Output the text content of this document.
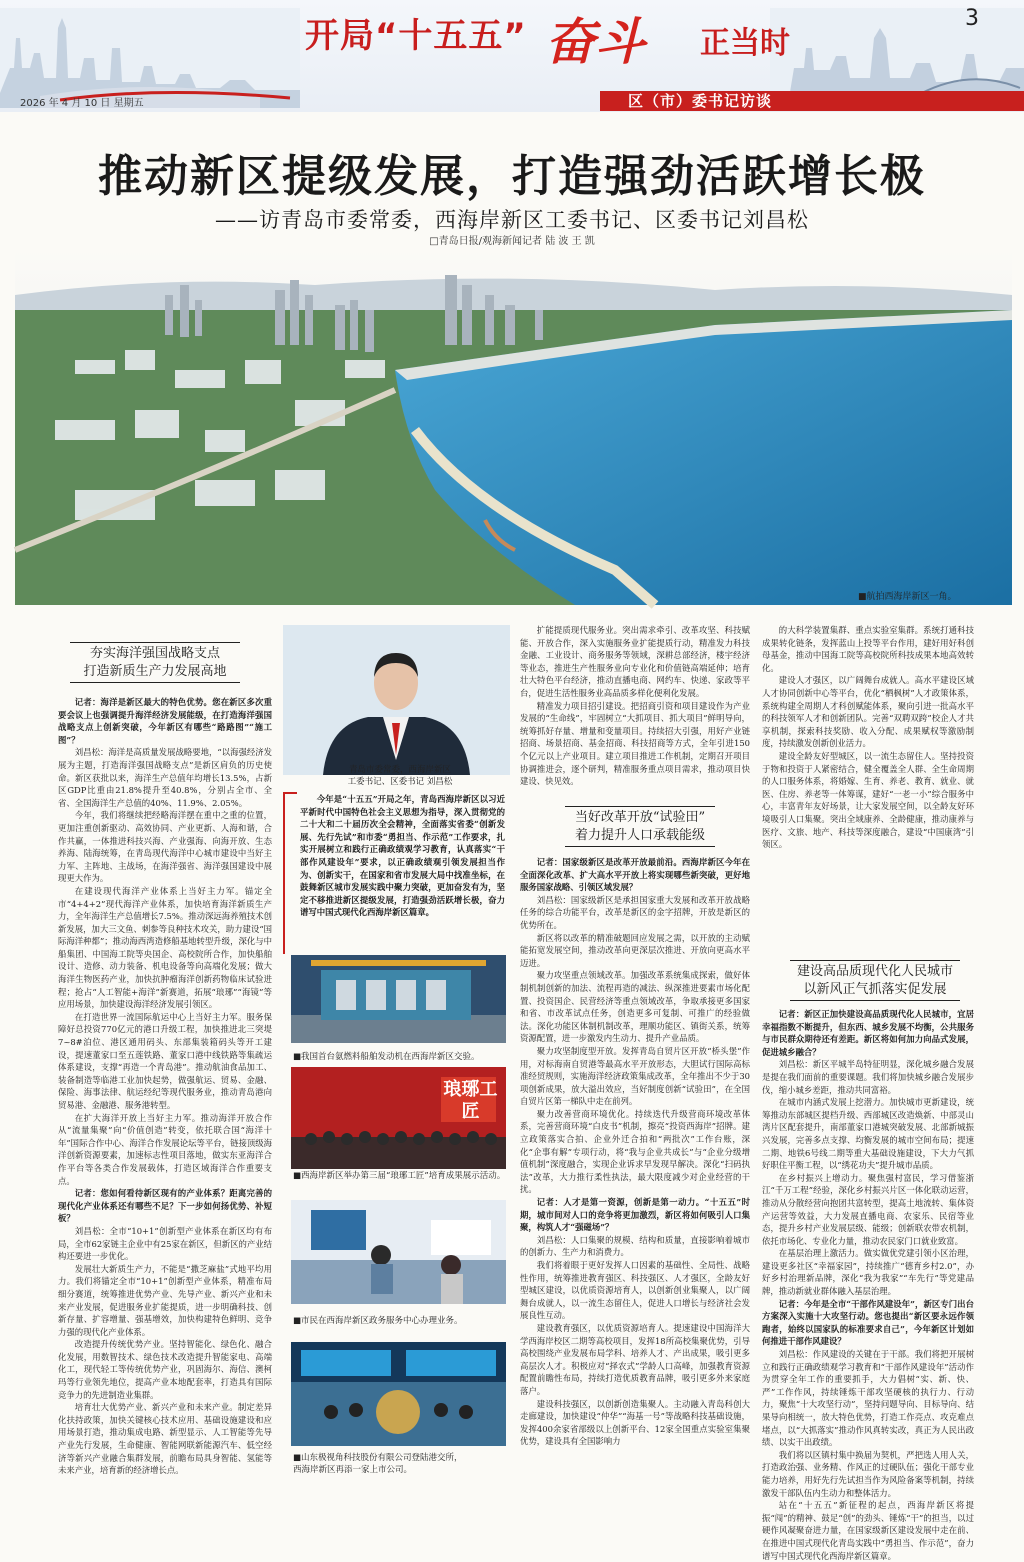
开局“十五五” 奋斗 正当时
3
2026 年 4 月 10 日 星期五	区（市）委书记访谈
推动新区提级发展，打造强劲活跃增长极
——访青岛市委常委，西海岸新区工委书记、区委书记刘昌松
□青岛日报/观海新闻记者 陆 波 王 凯
■航拍西海岸新区一角。
夯实海洋强国战略支点
打造新质生产力发展高地
当好改革开放“试验田”
着力提升人口承载能级
建设高品质现代化人民城市
以新风正气抓落实促发展

记者：海洋是新区最大的特色优势。您在新区多次重要会议上也强调提升海洋经济发展能级，在打造海洋强国战略支点上创新突破，今年新区有哪些“路路图”“施工图”？

刘昌松：海洋是高质量发展战略要地，“以海强经济发展为主题，打造海洋强国战略支点”是新区肩负的历史使命。新区获批以来，海洋生产总值年均增长13.5%，占新区GDP比重由21.8%提升至40.8%，分别占全市、全省、全国海洋生产总值的40%、11.9%、2.05%。

今年，我们将继续把经略海洋摆在重中之重的位置，更加注重创新驱动、高效协同、产业更新、人海和谐，合作共赢，一体推进科技兴海、产业强海、向海开放、生态养海、陆海统筹，在青岛现代海洋中心城市建设中当好主力军、主阵地、主战场，在海洋强省、海洋强国建设中展现更大作为。

在建设现代海洋产业体系上当好主力军。锚定全市“4+4+2”现代海洋产业体系，加快培育海洋新质生产力，全年海洋生产总值增长7.5%。推动深远海养殖技术创新发展，加大三文鱼、刺参等良种技术攻关，助力建设“国际海洋种都”；推动海西湾造修船基地转型升级，深化与中船集团、中国海工院等央国企、高校院所合作，加快船舶设计、造修、动力装备、机电设备等向高端化发展；做大海洋生物医药产业，加快抗肿瘤海洋创新药物临床试验进程；抢占“人工智能+海洋”新赛道，拓展“琅琊”“海镜”等应用场景，加快建设海洋经济发展引领区。

在打造世界一流国际航运中心上当好主力军。服务保障好总投资770亿元的港口升级工程，加快推进北三突堤7~8#泊位、港区通用码头、东部集装箱码头等开工建设，提速董家口至五莲铁路、董家口港中线铁路等集疏运体系建设，支撑“再造一个青岛港”。推动航油食品加工、装备制造等临港工业加快起势，做强航运、贸易、金融、保险、海事法律、航运经纪等现代服务业，推动青岛港向贸易港、金融港、服务港转型。

在扩大海洋开放上当好主力军。推动海洋开放合作从“流量集聚”向“价值创造”转变，依托联合国“海洋十年”国际合作中心、海洋合作发展论坛等平台，链接顶级海洋创新资源要素，加速标志性项目落地，做实东亚海洋合作平台等各类合作发展载体，打造区域海洋合作重要支点。

记者：您如何看待新区现有的产业体系？距离完善的现代化产业体系还有哪些不足？下一步如何扬优势、补短板？

刘昌松：全市“10+1”创新型产业体系在新区均有布局，全市62家链主企业中有25家在新区，但新区的产业结构还要进一步优化。

发展壮大新质生产力，不能是“撒芝麻盐”式地平均用力。我们将锚定全市“10+1”创新型产业体系，精准布局细分赛道，统筹推进优势产业、先导产业、新兴产业和未来产业发展，促进服务业扩能提质，进一步明确科技、创新存量、扩容增量、强基增效，加快构建特色鲜明、竞争力强的现代化产业体系。

改造提升传统优势产业。坚持智能化、绿色化、融合化发展，用数智技术、绿色技术改造提升智能家电、高端化工，现代轻工等传统优势产业，巩固海尔、海信、澳柯玛等行业领先地位，提高产业本地配套率，打造具有国际竞争力的先进制造业集群。

培育壮大优势产业、新兴产业和未来产业。制定差异化扶持政策，加快关键核心技术应用、基础设施建设和应用场景打造，推动集成电路、新型显示、人工智能等先导产业先行发展，生命健康、智能网联新能源汽车、低空经济等新兴产业融合集群发展，前瞻布局具身智能、氢能等未来产业，培育新的经济增长点。

青岛市委常委，西海岸新区
工委书记、区委书记 刘昌松

今年是“十五五”开局之年，青岛西海岸新区以习近平新时代中国特色社会主义思想为指导，深入贯彻党的二十大和二十届历次全会精神，全面落实省委“创新发展、先行先试”和市委“勇担当、作示范”工作要求，扎实开展树立和践行正确政绩观学习教育，认真落实“干部作风建设年”要求，以正确政绩观引领发展担当作为、创新实干，在国家和省市发展大局中找准坐标，在鼓舞新区城市发展实践中聚力突破，更加奋发有为，坚定不移推进新区提级发展，打造强劲活跃增长极，奋力谱写中国式现代化西海岸新区篇章。

■我国首台氨燃料船舶发动机在西海岸新区交验。
琅琊工匠
■西海岸新区举办第三届“琅琊工匠”培育成果展示活动。
■市民在西海岸新区政务服务中心办理业务。
■山东极视角科技股份有限公司登陆港交所，
西海岸新区再添一家上市公司。

扩能提质现代服务业。突出需求牵引、改革攻坚、科技赋能、开放合作，深入实施服务业扩能提质行动，精准发力科技金融、工业设计、商务服务等领域，深耕总部经济，楼宇经济等业态，推进生产性服务业向专业化和价值链高端延伸；培育壮大特色平台经济，推动直播电商、网约车、快递、家政等平台，促进生活性服务业高品质多样化便利化发展。

精准发力项目招引建设。把招商引资和项目建设作为产业发展的“生命线”，牢固树立“大抓项目、抓大项目”鲜明导向，统筹抓好存量、增量和变量项目。持续招大引强，用好产业链招商、场景招商、基金招商、科技招商等方式，全年引进150个亿元以上产业项目。建立项目推进工作机制，定期召开项目协调推进会，逐个研判，精准服务重点项目需求，推动项目快建设、快见效。

记者：国家级新区是改革开放最前沿。西海岸新区今年在全面深化改革、扩大高水平开放上将实现哪些新突破，更好地服务国家战略、引领区域发展？

刘昌松：国家级新区是承担国家重大发展和改革开放战略任务的综合功能平台，改革是新区的金字招牌，开放是新区的优势所在。

新区将以改革的精准破题回应发展之需，以开放的主动赋能拓宽发展空间，推动改革向更深层次推进、开放向更高水平迈进。

聚力攻坚重点领域改革。加强改革系统集成探索，做好体制机制创新的加法、流程再造的减法、纵深推进要素市场化配置、投资国企、民营经济等重点领域改革，争取承接更多国家和省、市改革试点任务，创造更多可复制、可推广的经验做法。深化功能区体制机制改革，理顺功能区、镇街关系，统筹资源配置，进一步激发内生动力、提升产业品质。

聚力攻坚制度型开放。发挥青岛自贸片区开放“桥头堡”作用，对标海南自贸港等最高水平开放形态，大胆试行国际高标准经贸规则，实施海洋经济政策集成改革，全年推出不少于30项创新成果，放大溢出效应，当好制度创新“试验田”，在全国自贸片区第一梯队中走在前列。

聚力改善营商环境优化。持续迭代升级营商环境改革体系，完善营商环境“白皮书”机制，擦亮“投资西海岸”招牌。建立政策落实合拍、企业外迁合拍和“两批次”工作台账，深化“企事有解”专项行动，将“我与企业共成长”与“企业分级增值机制”深度融合，实现企业诉求早发现早解决。深化“扫码执法”改革，大力推行柔性执法，最大限度减少对企业经营的干扰。

记者：人才是第一资源，创新是第一动力。“十五五”时期，城市间对人口的竞争将更加激烈，新区将如何吸引人口集聚，构筑人才“强磁场”？

刘昌松：人口集聚的规模、结构和质量，直接影响着城市的创新力、生产力和消费力。

我们将着眼于更好发挥人口因素的基础性、全局性、战略性作用，统筹推进教育强区、科技强区、人才强区，全龄友好型城区建设，以优质资源培育人，以创新创业集聚人，以广阔舞台成就人，以一流生态留住人，促进人口增长与经济社会发展良性互动。

建设教育强区，以优质资源培育人。提速建设中国海洋大学西海岸校区二期等高校项目，发挥18所高校集聚优势，引导高校围绕产业发展布局学科、培养人才、产出成果，吸引更多高层次人才。积极应对“择农式”学龄人口高峰，加强教育资源配置前瞻性布局，持续打造优质教育品牌，吸引更多外来家庭落户。

建设科技强区，以创新创造集聚人。主动融入青岛科创大走廊建设，加快建设“仲华”“海基一号”等战略科技基础设施，发挥400余家省部级以上创新平台、12家全国重点实验室集聚优势，建设具有全国影响力

的大科学装置集群、重点实验室集群。系统打通科技成果转化链条，发挥蓝山上投等平台作用，建好用好科创母基金，推动中国海工院等高校院所科技成果本地高效转化。

建设人才强区，以广阔舞台成就人。高水平建设区域人才协同创新中心等平台，优化“栖枫树”人才政策体系，系统构建全周期人才科创赋能体系，聚向引进一批高水平的科技领军人才和创新团队。完善“双聘双跨”校企人才共享机制，探索科技奖励、收入分配、成果赋权等激励制度，持续激发创新创业活力。

建设全龄友好型城区，以一流生态留住人。坚持投资于物和投资于人紧密结合，健全覆盖全人群、全生命周期的人口服务体系，将婚嫁、生育、养老、教育、就业、就医、住房、养老等一体筹谋，建好“一老一小”综合服务中心，丰富青年友好场景，让大家发展空间，以全龄友好环境吸引人口集聚。突出全域康养、全龄健康，推动康养与医疗、文旅、地产、科技等深度融合，建设“中国康湾”引领区。

记者：新区正加快建设高品质现代化人民城市，宜居幸福指数不断提升，但东西、城乡发展不均衡，公共服务与市民群众期待还有差距。新区将如何加力向品式发展，促进城乡融合？

刘昌松：新区平城半岛特征明显，深化城乡融合发展是提在我们面前的重要课题。我们将加快城乡融合发展步伐，缩小城乡差距，推动共同富裕。

在城市内涵式发展上挖潜力。加快城市更新建设，统筹推动东部城区提档升级、西部城区改造焕新、中部灵山湾片区配套提升，南部董家口港城突破发展、北部新城振兴发展，完善多点支撑、均衡发展的城市空间布局；提速二期、地铁6号线二期等重大基础设施建设，下大力气抓好职住平衡工程，以“绣花功夫”提升城市品质。

在乡村振兴上增动力。聚焦强村富民，学习借鉴浙江“千万工程”经验，深化乡村振兴片区一体化联动运营，推动从分散经营向抱团共富转型，提高土地流转、集体资产运营等效益，大力发展直播电商、农家乐、民宿等业态，提升乡村产业发展层级、能级；创新联农带农机制，依托市场化、专业化力量，推动农民家门口就业致富。

在基层治理上激活力。做实做优党建引领小区治理，建设更多社区“幸福家园”，持续推广“德育乡村2.0”，办好乡村治理新品牌，深化“我为我家”“车先行”等党建品牌，推动新就业群体融入基层治理。

记者：今年是全市“干部作风建设年”，新区专门出台方案深入实施十大攻坚行动。您也提出“新区要永远作领跑者，始终以国家队的标准要求自己”，今年新区计划如何推进干部作风建设？

刘昌松：作风建设的关键在于干部。我们将把开展树立和践行正确政绩观学习教育和“干部作风建设年”活动作为贯穿全年工作的重要抓手，大力倡树“实、新、快、严”工作作风，持续锤炼干部攻坚硬核的执行力、行动力，聚焦“十大攻坚行动”，坚持问题导向、目标导向、结果导向相统一，放大特色优势，打造工作亮点、攻克难点堵点，以“大抓落实”推动作风真转实改，真正为人民出政绩、以实干出政绩。

我们将以区镇村集中换届为契机，严把选人用人关，打造政治强、业务精、作风正的过硬队伍；强化干部专业能力培养，用好先行先试担当作为风险备案等机制，持续激发干部队伍内生动力和整体活力。

站在“十五五”新征程的起点，西海岸新区将提振“闯”的精神、鼓足“创”的劲头、锤炼“干”的担当，以过硬作风凝聚奋进力量，在国家级新区建设发展中走在前、在推进中国式现代化青岛实践中“勇担当、作示范”，奋力谱写中国式现代化西海岸新区篇章。
